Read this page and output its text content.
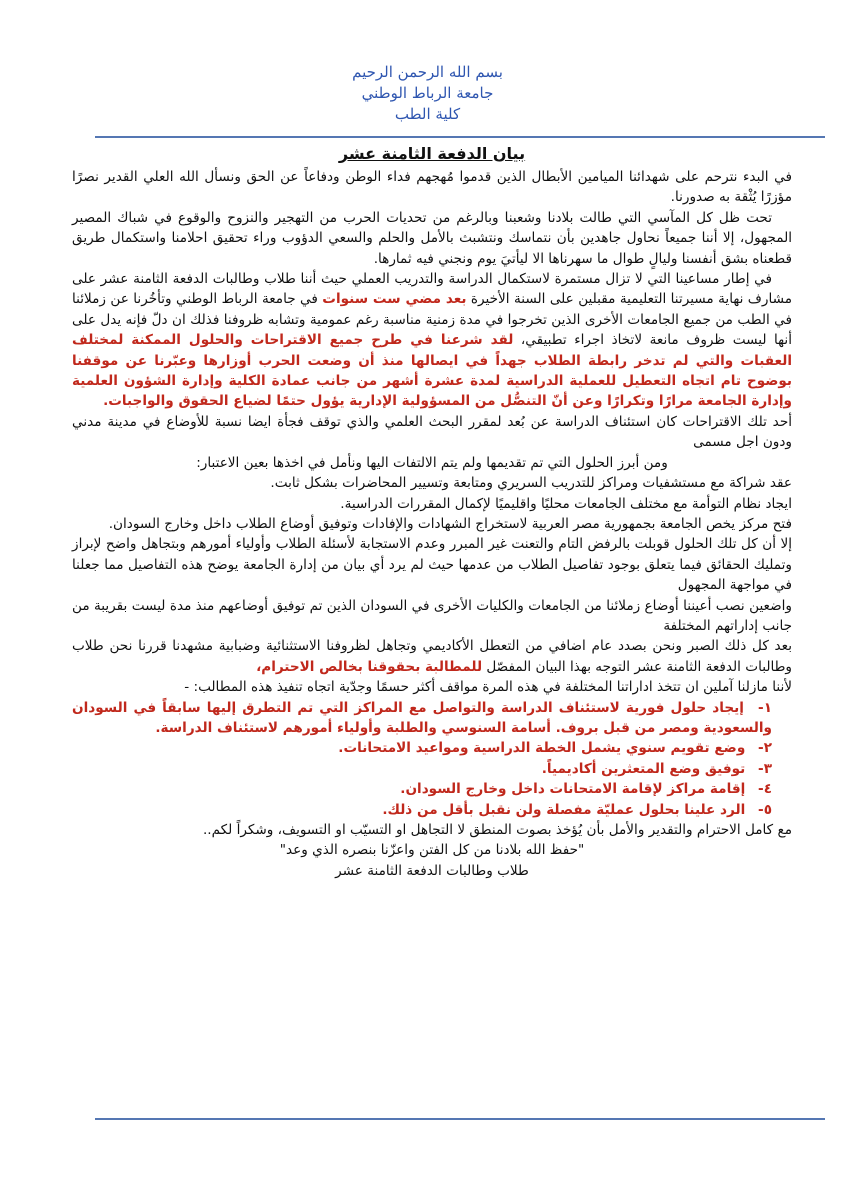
بسم الله الرحمن الرحيم
جامعة الرباط الوطني
كلية الطب
بيان الدفعة الثامنة عشر

في البدء نترحم على شهدائنا الميامين الأبطال الذين قدموا مُهجهم فداء الوطن ودفاعاً عن الحق ونسأل الله العلي القدير نصرًا مؤزرًا يُثْقة به صدورنا.

تحت ظل كل المآسي التي طالت بلادنا وشعبنا وبالرغم من تحديات الحرب من التهجير والنزوح والوقوع في شباك المصير المجهول، إلا أننا جميعاً نحاول جاهدين بأن نتماسك ونتشبث بالأمل والحلم والسعي الدؤوب وراء تحقيق احلامنا واستكمال طريق قطعناه بشق أنفسنا وليالٍ طوال ما سهرناها الا ليأتيَ يوم ونجني فيه ثمارها.

في إطار مساعينا التي لا تزال مستمرة لاستكمال الدراسة والتدريب العملي حيث أننا طلاب وطالبات الدفعة الثامنة عشر على مشارف نهاية مسيرتنا التعليمية مقبلين على السنة الأخيرة بعد مضي ست سنوات في جامعة الرباط الوطني وتأخُرنا عن زملائنا في الطب من جميع الجامعات الأخرى الذين تخرجوا في مدة زمنية مناسبة رغم عمومية وتشابه ظروفنا فذلك ان دلّ فإنه يدل على أنها ليست ظروف مانعة لاتخاذ اجراء تطبيقي، لقد شرعنا في طرح جميع الاقتراحات والحلول الممكنة لمختلف العقبات والتي لم تدخر رابطة الطلاب جهداً في ايصالها منذ أن وضعت الحرب أوزارها وعبّرنا عن موقفنا بوضوح تام اتجاه التعطيل للعملية الدراسية لمدة عشرة أشهر من جانب عمادة الكلية وإدارة الشؤون العلمية وإدارة الجامعة مرارًا وتكرارًا وعن أنّ التنصُّل من المسؤولية الإدارية يؤول حتمًا لضياع الحقوق والواجبات.

أحد تلك الاقتراحات كان استئناف الدراسة عن بُعد لمقرر البحث العلمي والذي توقف فجأة ايضا نسبة للأوضاع في مدينة مدني ودون اجل مسمى

ومن أبرز الحلول التي تم تقديمها ولم يتم الالتفات اليها ونأمل في اخذها بعين الاعتبار:

عقد شراكة مع مستشفيات ومراكز للتدريب السريري ومتابعة وتسيير المحاضرات بشكل ثابت.

ايجاد نظام التوأمة مع مختلف الجامعات محليًا واقليميًا لإكمال المقررات الدراسية.

فتح مركز يخص الجامعة بجمهورية مصر العربية لاستخراج الشهادات والإفادات وتوفيق أوضاع الطلاب داخل وخارج السودان.

إلا أن كل تلك الحلول قوبلت بالرفض التام والتعنت غير المبرر وعدم الاستجابة لأسئلة الطلاب وأولياء أمورهم وبتجاهل واضح لإبراز وتمليك الحقائق فيما يتعلق بوجود تفاصيل الطلاب من عدمها حيث لم يرد أي بيان من إدارة الجامعة يوضح هذه التفاصيل مما جعلنا في مواجهة المجهول

واضعين نصب أعيننا أوضاع زملائنا من الجامعات والكليات الأخرى في السودان الذين تم توفيق أوضاعهم منذ مدة ليست بقريبة من جانب إداراتهم المختلفة

بعد كل ذلك الصبر ونحن بصدد عام اضافي من التعطل الأكاديمي وتجاهل لظروفنا الاستثنائية وضبابية مشهدنا قررنا نحن طلاب وطالبات الدفعة الثامنة عشر التوجه بهذا البيان المفصّل للمطالبة بحقوقنا بخالص الاحترام،

لأننا مازلنا آملين ان تتخذ اداراتنا المختلفة في هذه المرة مواقف أكثر حسمًا وجدّية اتجاه تنفيذ هذه المطالب: -

١- إيجاد حلول فورية لاستئناف الدراسة والتواصل مع المراكز التي تم التطرق إليها سابقاً في السودان والسعودية ومصر من قبل بروف. أسامة السنوسي والطلبة وأولياء أمورهم لاستئناف الدراسة.
٢- وضع تقويم سنوي يشمل الخطة الدراسية ومواعيد الامتحانات.
٣- توفيق وضع المتعثرين أكاديمياً.
٤- إقامة مراكز لإقامة الامتحانات داخل وخارج السودان.
٥- الرد علينا بحلول عمليّة مفصلة ولن نقبل بأقل من ذلك.

مع كامل الاحترام والتقدير والأمل بأن يُؤخذ بصوت المنطق لا التجاهل او التسيّب او التسويف، وشكراً لكم..

"حفظ الله بلادنا من كل الفتن واعزّنا بنصره الذي وعد"

طلاب وطالبات الدفعة الثامنة عشر
